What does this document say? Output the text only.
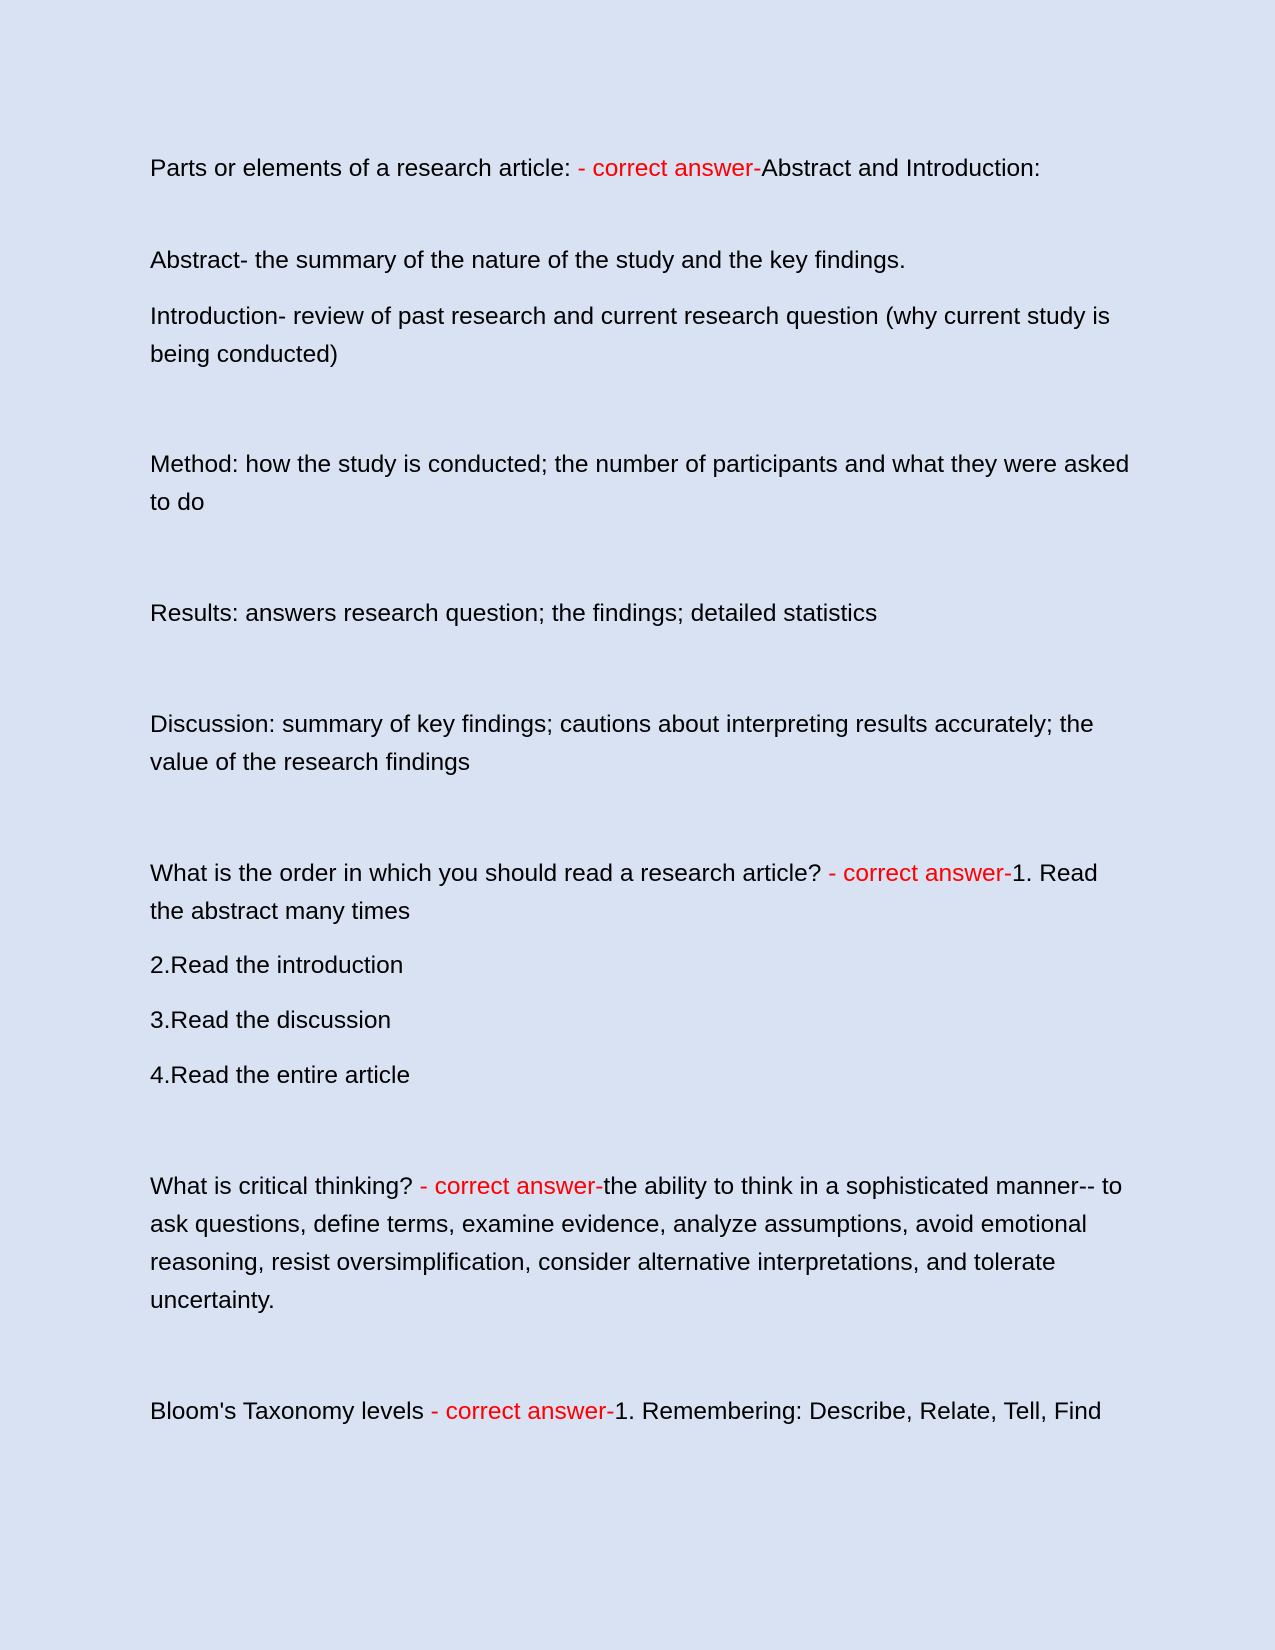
Parts or elements of a research article: - correct answer-Abstract and Introduction:

Abstract- the summary of the nature of the study and the key findings.

Introduction- review of past research and current research question (why current study is being conducted)

Method: how the study is conducted; the number of participants and what they were asked to do

Results: answers research question; the findings; detailed statistics

Discussion: summary of key findings; cautions about interpreting results accurately; the value of the research findings

What is the order in which you should read a research article? - correct answer-1. Read the abstract many times

2.Read the introduction

3.Read the discussion

4.Read the entire article

What is critical thinking? - correct answer-the ability to think in a sophisticated manner-- to ask questions, define terms, examine evidence, analyze assumptions, avoid emotional reasoning, resist oversimplification, consider alternative interpretations, and tolerate uncertainty.

Bloom's Taxonomy levels - correct answer-1. Remembering: Describe, Relate, Tell, Find
